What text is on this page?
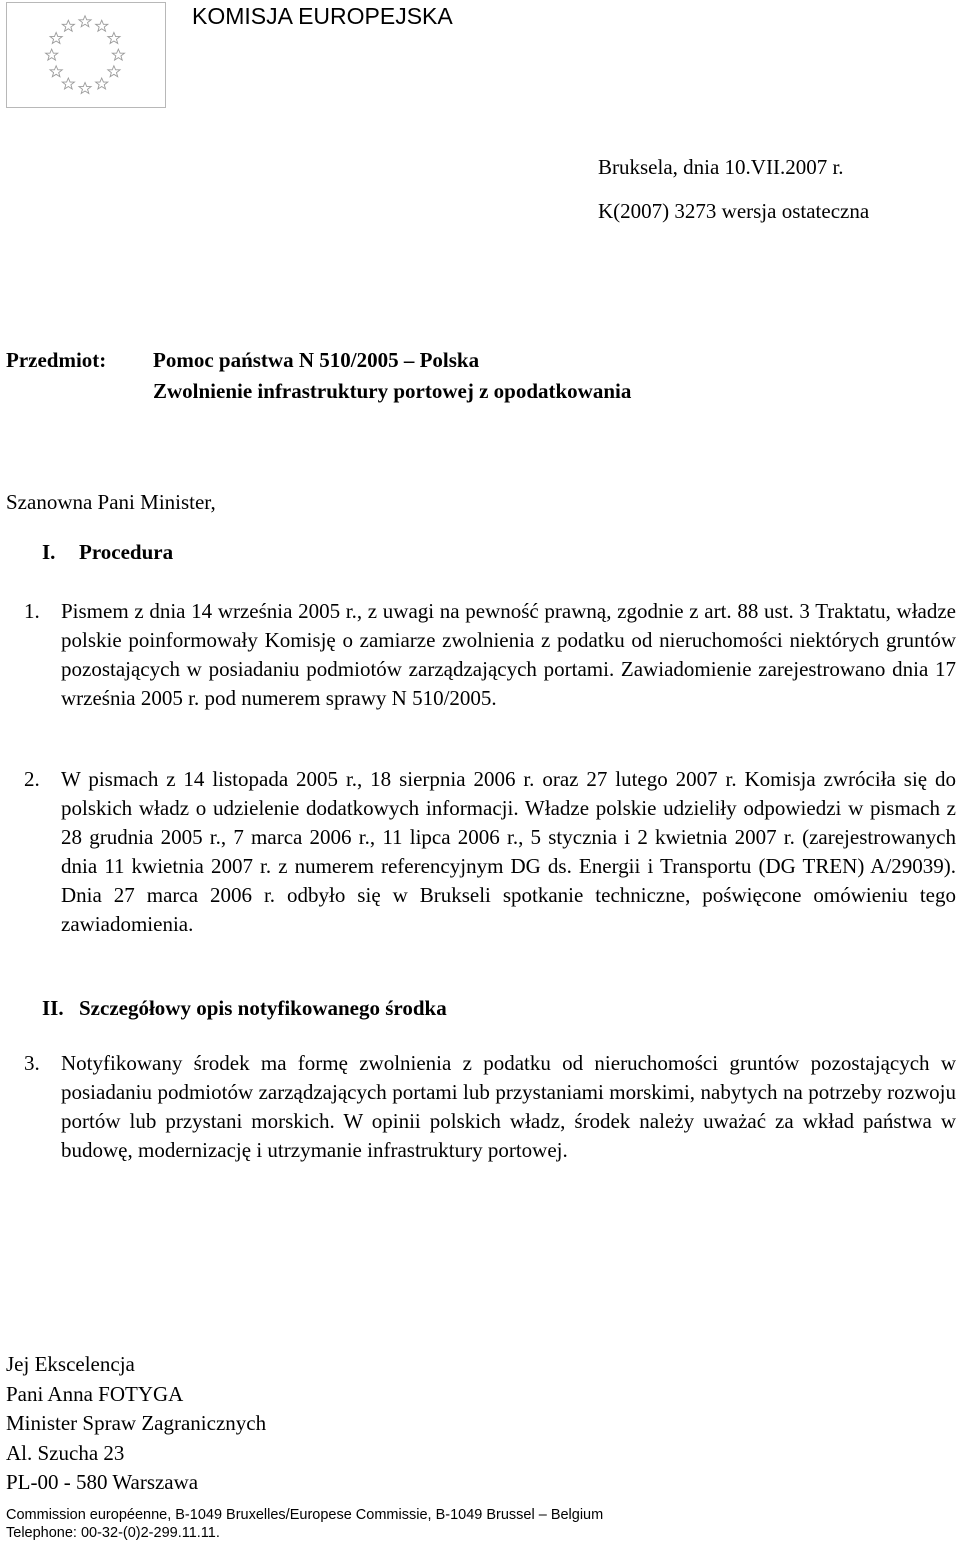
KOMISJA EUROPEJSKA
Bruksela, dnia 10.VII.2007 r.
K(2007) 3273 wersja ostateczna
Przedmiot: Pomoc państwa N 510/2005 – Polska
Zwolnienie infrastruktury portowej z opodatkowania
Szanowna Pani Minister,
I. Procedura
1. Pismem z dnia 14 września 2005 r., z uwagi na pewność prawną, zgodnie z art. 88 ust. 3 Traktatu, władze polskie poinformowały Komisję o zamiarze zwolnienia z podatku od nieruchomości niektórych gruntów pozostających w posiadaniu podmiotów zarządzających portami. Zawiadomienie zarejestrowano dnia 17 września 2005 r. pod numerem sprawy N 510/2005.
2. W pismach z 14 listopada 2005 r., 18 sierpnia 2006 r. oraz 27 lutego 2007 r. Komisja zwróciła się do polskich władz o udzielenie dodatkowych informacji. Władze polskie udzieliły odpowiedzi w pismach z 28 grudnia 2005 r., 7 marca 2006 r., 11 lipca 2006 r., 5 stycznia i 2 kwietnia 2007 r. (zarejestrowanych dnia 11 kwietnia 2007 r. z numerem referencyjnym DG ds. Energii i Transportu (DG TREN) A/29039). Dnia 27 marca 2006 r. odbyło się w Brukseli spotkanie techniczne, poświęcone omówieniu tego zawiadomienia.
II. Szczegółowy opis notyfikowanego środka
3. Notyfikowany środek ma formę zwolnienia z podatku od nieruchomości gruntów pozostających w posiadaniu podmiotów zarządzających portami lub przystaniami morskimi, nabytych na potrzeby rozwoju portów lub przystani morskich. W opinii polskich władz, środek należy uważać za wkład państwa w budowę, modernizację i utrzymanie infrastruktury portowej.
Jej Ekscelencja
Pani Anna FOTYGA
Minister Spraw Zagranicznych
Al. Szucha 23
PL-00 - 580 Warszawa
Commission européenne, B-1049 Bruxelles/Europese Commissie, B-1049 Brussel – Belgium
Telephone: 00-32-(0)2-299.11.11.
